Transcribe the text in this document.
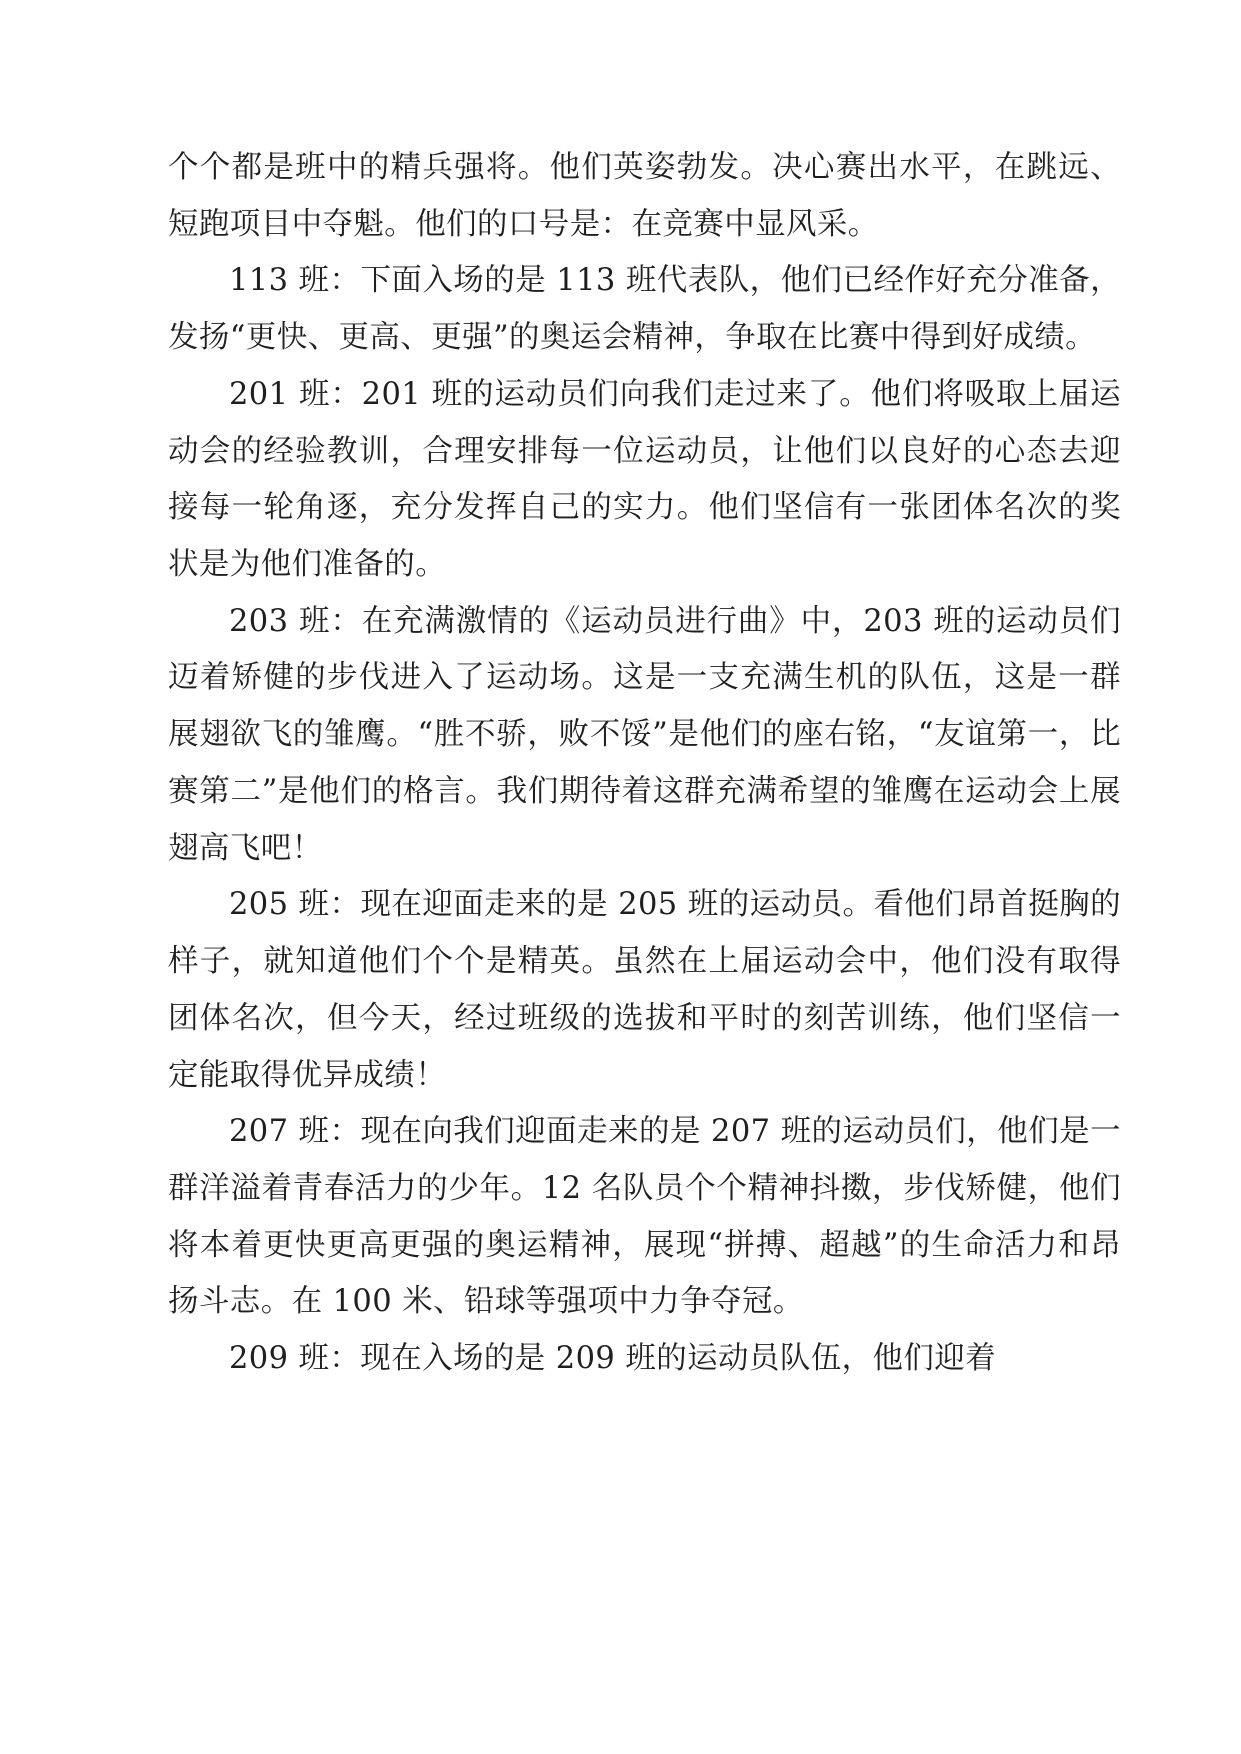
个个都是班中的精兵强将。他们英姿勃发。决心赛出水平，在跳远、短跑项目中夺魁。他们的口号是：在竞赛中显风采。

113 班：下面入场的是 113 班代表队，他们已经作好充分准备，发扬“更快、更高、更强”的奥运会精神，争取在比赛中得到好成绩。

201 班：201 班的运动员们向我们走过来了。他们将吸取上届运动会的经验教训，合理安排每一位运动员，让他们以良好的心态去迎接每一轮角逐，充分发挥自己的实力。他们坚信有一张团体名次的奖状是为他们准备的。

203 班：在充满激情的《运动员进行曲》中，203 班的运动员们迈着矫健的步伐进入了运动场。这是一支充满生机的队伍，这是一群展翅欲飞的雏鹰。“胜不骄，败不馁”是他们的座右铭，“友谊第一，比赛第二”是他们的格言。我们期待着这群充满希望的雏鹰在运动会上展翅高飞吧！

205 班：现在迎面走来的是 205 班的运动员。看他们昂首挺胸的样子，就知道他们个个是精英。虽然在上届运动会中，他们没有取得团体名次，但今天，经过班级的选拔和平时的刻苦训练，他们坚信一定能取得优异成绩！

207 班：现在向我们迎面走来的是 207 班的运动员们，他们是一群洋溢着青春活力的少年。12 名队员个个精神抖擞，步伐矫健，他们将本着更快更高更强的奥运精神，展现“拼搏、超越”的生命活力和昂扬斗志。在 100 米、铅球等强项中力争夺冠。

209 班：现在入场的是 209 班的运动员队伍，他们迎着
